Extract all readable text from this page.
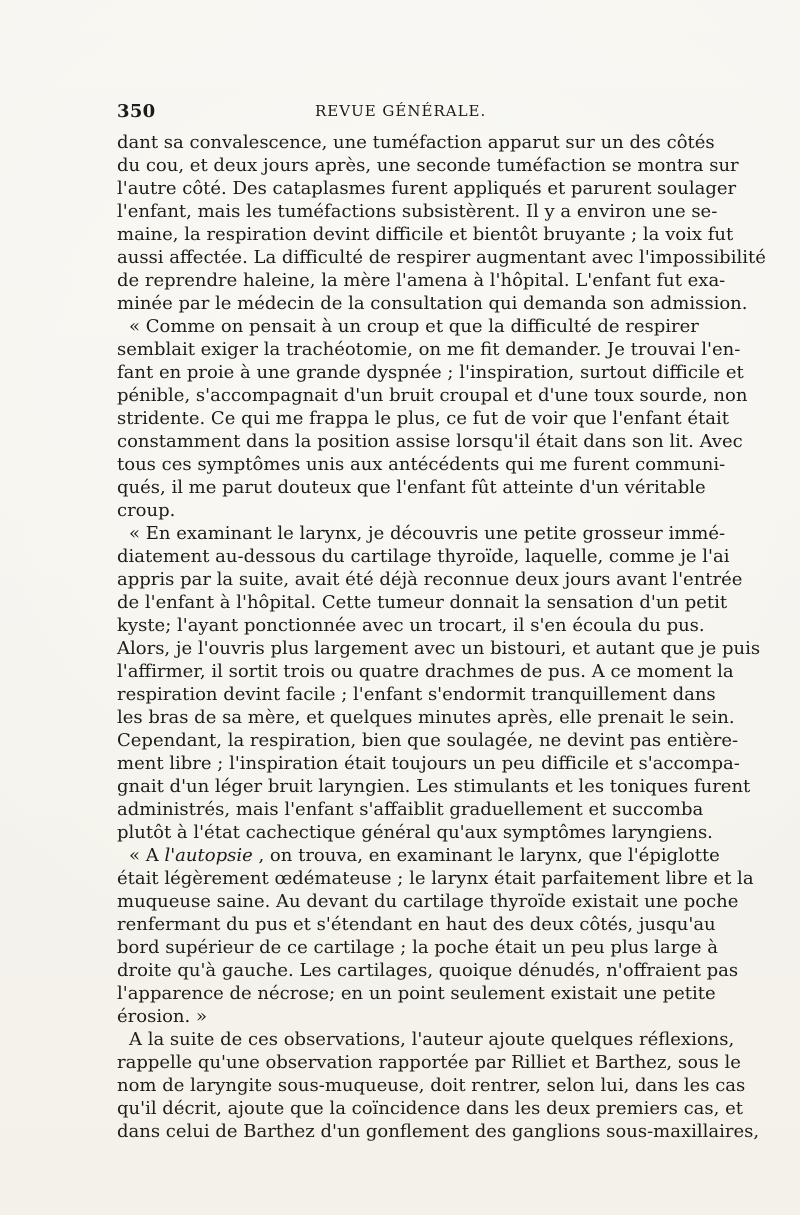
350	REVUE GÉNÉRALE.
dant sa convalescence, une tuméfaction apparut sur un des côtés
du cou, et deux jours après, une seconde tuméfaction se montra sur
l'autre côté. Des cataplasmes furent appliqués et parurent soulager
l'enfant, mais les tuméfactions subsistèrent. Il y a environ une se-
maine, la respiration devint difficile et bientôt bruyante ; la voix fut
aussi affectée. La difficulté de respirer augmentant avec l'impossibilité
de reprendre haleine, la mère l'amena à l'hôpital. L'enfant fut exa-
minée par le médecin de la consultation qui demanda son admission.
« Comme on pensait à un croup et que la difficulté de respirer
semblait exiger la trachéotomie, on me fit demander. Je trouvai l'en-
fant en proie à une grande dyspnée ; l'inspiration, surtout difficile et
pénible, s'accompagnait d'un bruit croupal et d'une toux sourde, non
stridente. Ce qui me frappa le plus, ce fut de voir que l'enfant était
constamment dans la position assise lorsqu'il était dans son lit. Avec
tous ces symptômes unis aux antécédents qui me furent communi-
qués, il me parut douteux que l'enfant fût atteinte d'un véritable
croup.
« En examinant le larynx, je découvris une petite grosseur immé-
diatement au-dessous du cartilage thyroïde, laquelle, comme je l'ai
appris par la suite, avait été déjà reconnue deux jours avant l'entrée
de l'enfant à l'hôpital. Cette tumeur donnait la sensation d'un petit
kyste; l'ayant ponctionnée avec un trocart, il s'en écoula du pus.
Alors, je l'ouvris plus largement avec un bistouri, et autant que je puis
l'affirmer, il sortit trois ou quatre drachmes de pus. A ce moment la
respiration devint facile ; l'enfant s'endormit tranquillement dans
les bras de sa mère, et quelques minutes après, elle prenait le sein.
Cependant, la respiration, bien que soulagée, ne devint pas entière-
ment libre ; l'inspiration était toujours un peu difficile et s'accompa-
gnait d'un léger bruit laryngien. Les stimulants et les toniques furent
administrés, mais l'enfant s'affaiblit graduellement et succomba
plutôt à l'état cachectique général qu'aux symptômes laryngiens.
« A l'autopsie , on trouva, en examinant le larynx, que l'épiglotte
était légèrement œdémateuse ; le larynx était parfaitement libre et la
muqueuse saine. Au devant du cartilage thyroïde existait une poche
renfermant du pus et s'étendant en haut des deux côtés, jusqu'au
bord supérieur de ce cartilage ; la poche était un peu plus large à
droite qu'à gauche. Les cartilages, quoique dénudés, n'offraient pas
l'apparence de nécrose; en un point seulement existait une petite
érosion. »
A la suite de ces observations, l'auteur ajoute quelques réflexions,
rappelle qu'une observation rapportée par Rilliet et Barthez, sous le
nom de laryngite sous-muqueuse, doit rentrer, selon lui, dans les cas
qu'il décrit, ajoute que la coïncidence dans les deux premiers cas, et
dans celui de Barthez d'un gonflement des ganglions sous-maxillaires,
